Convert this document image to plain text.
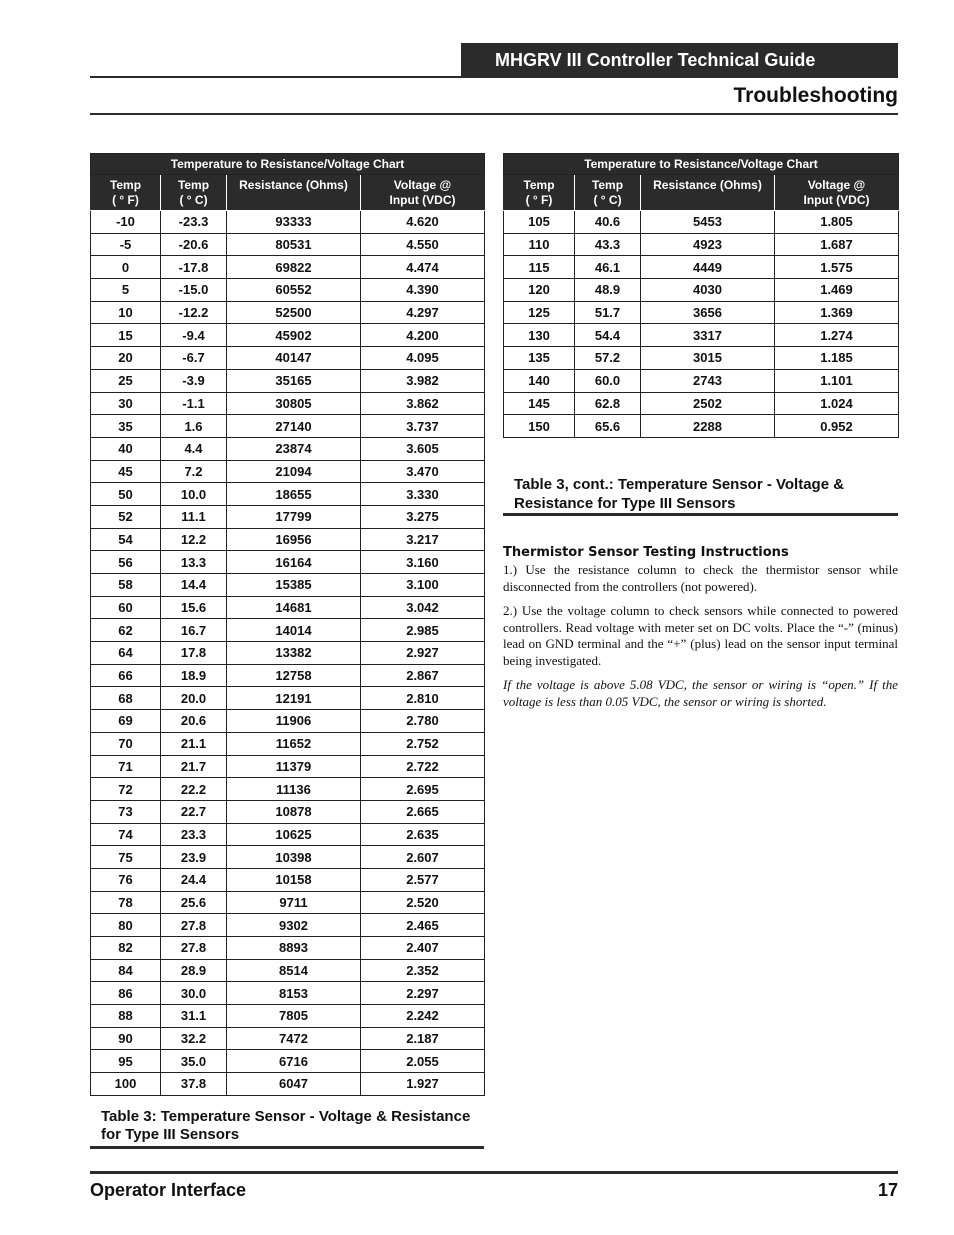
MHGRV III Controller Technical Guide
Troubleshooting
Temperature to Resistance/Voltage Chart			
Temp
( ° F)	Temp
( ° C)	Resistance (Ohms)	Voltage @
Input (VDC)
-10	-23.3	93333	4.620
-5	-20.6	80531	4.550
0	-17.8	69822	4.474
5	-15.0	60552	4.390
10	-12.2	52500	4.297
15	-9.4	45902	4.200
20	-6.7	40147	4.095
25	-3.9	35165	3.982
30	-1.1	30805	3.862
35	1.6	27140	3.737
40	4.4	23874	3.605
45	7.2	21094	3.470
50	10.0	18655	3.330
52	11.1	17799	3.275
54	12.2	16956	3.217
56	13.3	16164	3.160
58	14.4	15385	3.100
60	15.6	14681	3.042
62	16.7	14014	2.985
64	17.8	13382	2.927
66	18.9	12758	2.867
68	20.0	12191	2.810
69	20.6	11906	2.780
70	21.1	11652	2.752
71	21.7	11379	2.722
72	22.2	11136	2.695
73	22.7	10878	2.665
74	23.3	10625	2.635
75	23.9	10398	2.607
76	24.4	10158	2.577
78	25.6	9711	2.520
80	27.8	9302	2.465
82	27.8	8893	2.407
84	28.9	8514	2.352
86	30.0	8153	2.297
88	31.1	7805	2.242
90	32.2	7472	2.187
95	35.0	6716	2.055
100	37.8	6047	1.927
Table 3: Temperature Sensor - Voltage & Resistance for Type III Sensors
Temperature to Resistance/Voltage Chart			
Temp
( ° F)	Temp
( ° C)	Resistance (Ohms)	Voltage @
Input (VDC)
105	40.6	5453	1.805
110	43.3	4923	1.687
115	46.1	4449	1.575
120	48.9	4030	1.469
125	51.7	3656	1.369
130	54.4	3317	1.274
135	57.2	3015	1.185
140	60.0	2743	1.101
145	62.8	2502	1.024
150	65.6	2288	0.952
Table 3, cont.: Temperature Sensor - Voltage & Resistance for Type III Sensors
Thermistor Sensor Testing Instructions

1.) Use the resistance column to check the thermistor sensor while disconnected from the controllers (not powered).

2.) Use the voltage column to check sensors while connected to powered controllers. Read voltage with meter set on DC volts. Place the “-” (minus) lead on GND terminal and the “+” (plus) lead on the sensor input terminal being investigated.

If the voltage is above 5.08 VDC, the sensor or wiring is “open.” If the voltage is less than 0.05 VDC, the sensor or wiring is shorted.

Operator Interface	17
